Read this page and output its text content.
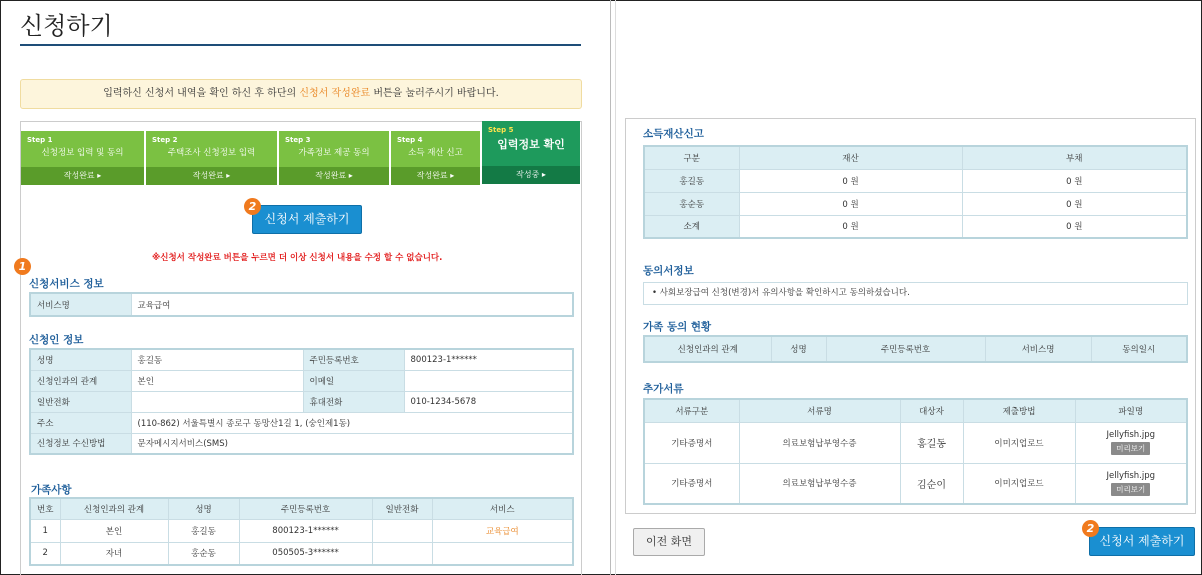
신청하기
입력하신 신청서 내역을 확인 하신 후 하단의 신청서 작성완료 버튼을 눌러주시기 바랍니다.
Step 1
신청정보 입력 및 동의
작성완료 ▸
Step 2
주택조사 신청정보 입력
작성완료 ▸
Step 3
가족정보 제공 동의
작성완료 ▸
Step 4
소득 재산 신고
작성완료 ▸
Step 5
입력정보 확인
작성중 ▸
신청서 제출하기
2
※신청서 작성완료 버튼을 누르면 더 이상 신청서 내용을 수정 할 수 없습니다.
1
신청서비스 정보
서비스명	교육급여
신청인 정보
성명	홍길동	주민등록번호	800123-1******
신청인과의 관계	본인	이메일	
일반전화		휴대전화	010-1234-5678
주소	(110-862) 서울특별시 종로구 동망산1길 1, (숭인제1동)		
신청정보 수신방법	문자메시지서비스(SMS)		
가족사항
번호	신청인과의 관계	성명	주민등록번호	일반전화	서비스
1	본인	홍길동	800123-1******		교육급여
2	자녀	홍순동	050505-3******		
소득재산신고
구분	재산	부채
홍길동	0 원	0 원
홍순동	0 원	0 원
소계	0 원	0 원
동의서정보
• 사회보장급여 신청(변경)서 유의사항을 확인하시고 동의하셨습니다.
가족 동의 현황
신청인과의 관계	성명	주민등록번호	서비스명	동의일시
추가서류
서류구분	서류명	대상자	제출방법	파일명
기타증명서	의료보험납부영수증	홍길동	이미지업로드	Jellyfish.jpg
미리보기
기타증명서	의료보험납부영수증	김순이	이미지업로드	Jellyfish.jpg
미리보기
이전 화면	신청서 제출하기
2
